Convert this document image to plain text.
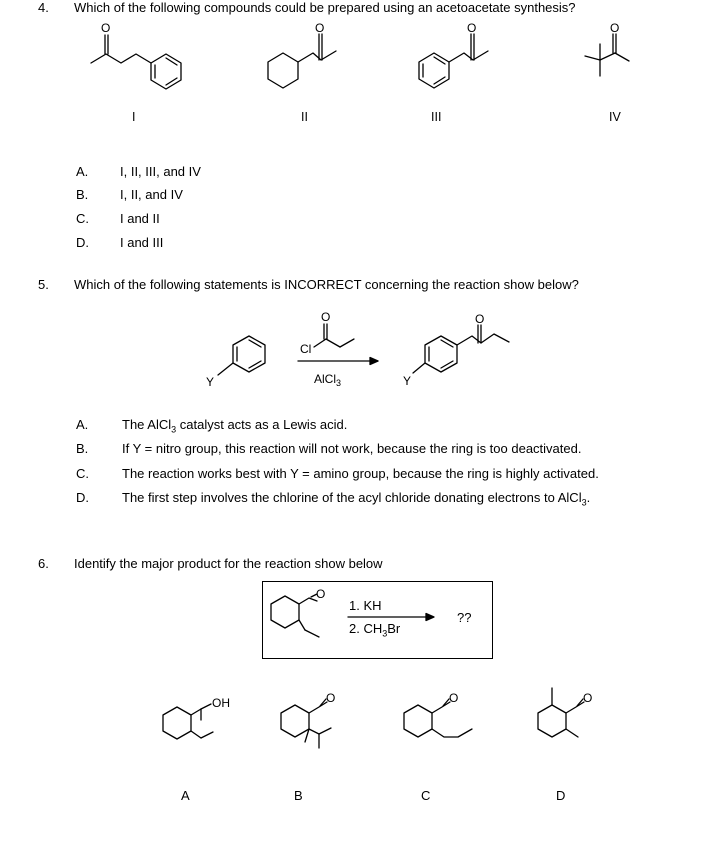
4. Which of the following compounds could be prepared using an acetoacetate synthesis?
O	O	O	O
I	II	III	IV
A. I, II, III, and IV
B. I, II, and IV
C. I and II
D. I and III
5. Which of the following statements is INCORRECT concerning the reaction show below?
Y
Cl
O
AlCl$_3$	Y
O
A.	The AlCl$_3$ catalyst acts as a Lewis acid.
B.	If Y = nitro group, this reaction will not work, because the ring is too deactivated.
C.	The reaction works best with Y = amino group, because the ring is highly activated.
D.	The first step involves the chlorine of the acyl chloride donating electrons to AlCl$_3$.
6. Identify the major product for the reaction show below
O
1. KH
2. $CH_3Br$
??
OH	O	O	O
A	B	C	D
